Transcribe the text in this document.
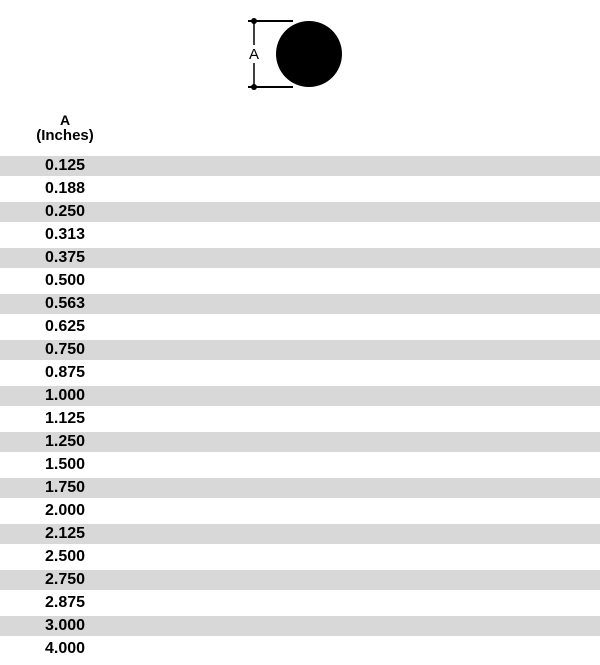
A
A
(Inches)
0.125
0.188
0.250
0.313
0.375
0.500
0.563
0.625
0.750
0.875
1.000
1.125
1.250
1.500
1.750
2.000
2.125
2.500
2.750
2.875
3.000
4.000
